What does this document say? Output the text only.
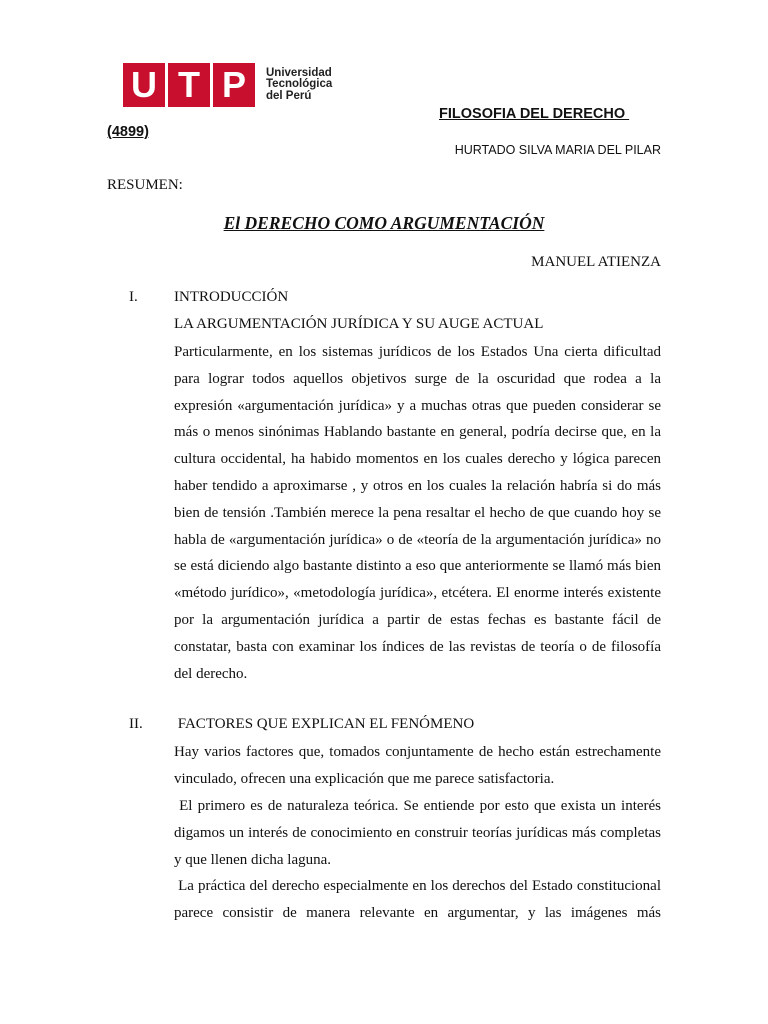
U T P	Universidad
Tecnológica
del Perú
FILOSOFIA DEL DERECHO
(4899)
HURTADO SILVA MARIA DEL PILAR
RESUMEN:
El DERECHO COMO ARGUMENTACIÓN
MANUEL ATIENZA
I. INTRODUCCIÓN
LA ARGUMENTACIÓN JURÍDICA Y SU AUGE ACTUAL

Particularmente, en los sistemas jurídicos de los Estados Una cierta dificultad para lograr todos aquellos objetivos surge de la oscuridad que rodea a la expresión «argumentación jurídica» y a muchas otras que pueden considerar se más o menos sinónimas Hablando bastante en general, podría decirse que, en la cultura occidental, ha habido momentos en los cuales derecho y lógica parecen haber tendido a aproximarse , y otros en los cuales la relación habría si do más bien de tensión .También merece la pena resaltar el hecho de que cuando hoy se habla de «argumentación jurídica» o de «teoría de la argumentación jurídica» no se está diciendo algo bastante distinto a eso que anteriormente se llamó más bien «método jurídico», «metodología jurídica», etcétera. El enorme interés existente por la argumentación jurídica a partir de estas fechas es bastante fácil de constatar, basta con examinar los índices de las revistas de teoría o de filosofía del derecho.

II. FACTORES QUE EXPLICAN EL FENÓMENO

Hay varios factores que, tomados conjuntamente de hecho están estrechamente vinculado, ofrecen una explicación que me parece satisfactoria.

El primero es de naturaleza teórica. Se entiende por esto que exista un interés digamos un interés de conocimiento en construir teorías jurídicas más completas y que llenen dicha laguna.

La práctica del derecho especialmente en los derechos del Estado constitucional parece consistir de manera relevante en argumentar, y las imágenes más
